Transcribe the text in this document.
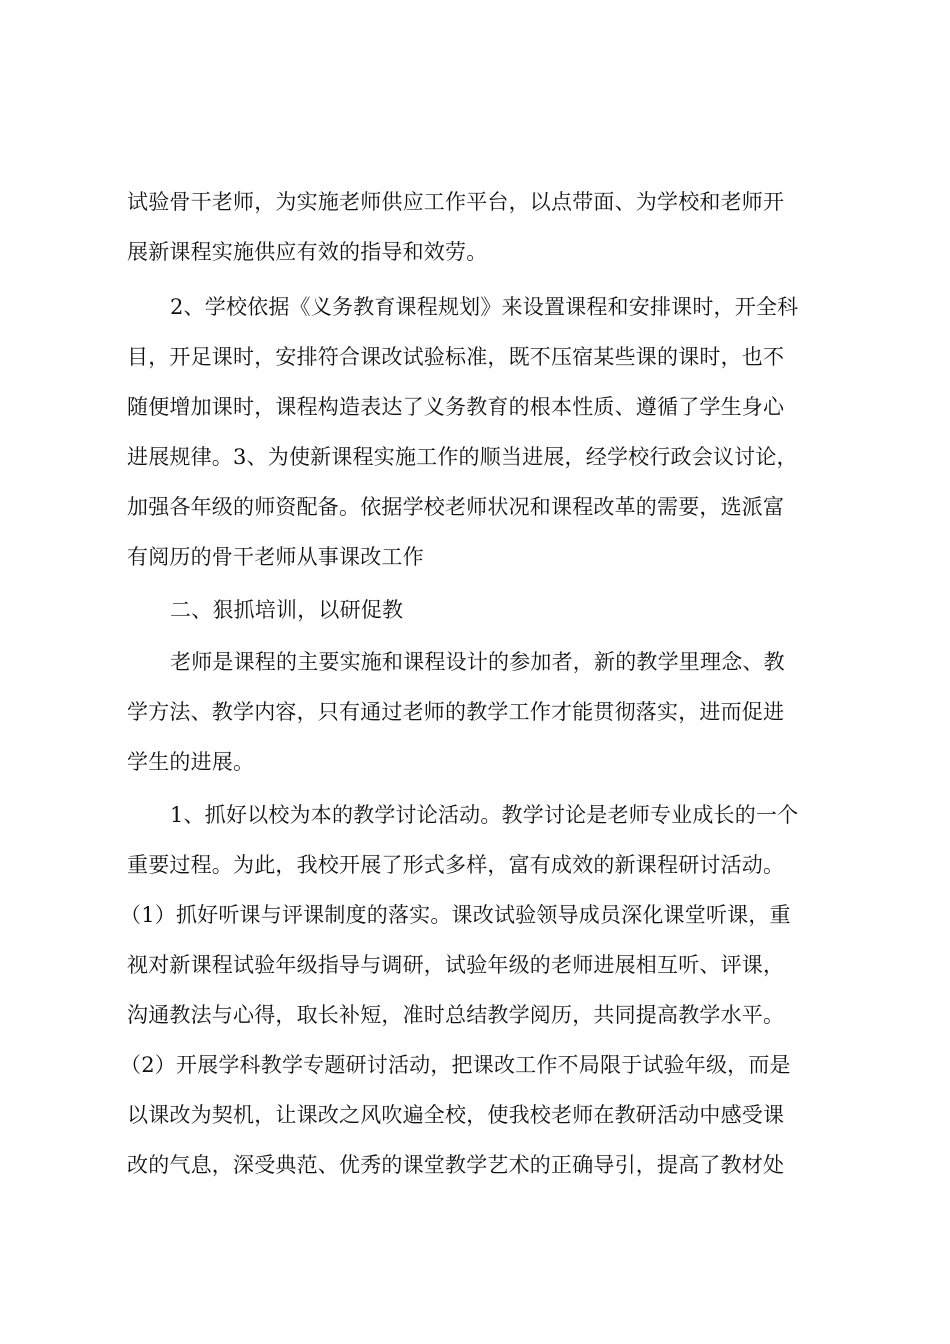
试验骨干老师，为实施老师供应工作平台，以点带面、为学校和老师开
展新课程实施供应有效的指导和效劳。
2、学校依据《义务教育课程规划》来设置课程和安排课时，开全科
目，开足课时，安排符合课改试验标准，既不压宿某些课的课时，也不
随便增加课时，课程构造表达了义务教育的根本性质、遵循了学生身心
进展规律。3、为使新课程实施工作的顺当进展，经学校行政会议讨论，
加强各年级的师资配备。依据学校老师状况和课程改革的需要，选派富
有阅历的骨干老师从事课改工作
二、狠抓培训，以研促教
老师是课程的主要实施和课程设计的参加者，新的教学里理念、教
学方法、教学内容，只有通过老师的教学工作才能贯彻落实，进而促进
学生的进展。
1、抓好以校为本的教学讨论活动。教学讨论是老师专业成长的一个
重要过程。为此，我校开展了形式多样，富有成效的新课程研讨活动。
（1）抓好听课与评课制度的落实。课改试验领导成员深化课堂听课，重
视对新课程试验年级指导与调研，试验年级的老师进展相互听、评课，
沟通教法与心得，取长补短，准时总结教学阅历，共同提高教学水平。
（2）开展学科教学专题研讨活动，把课改工作不局限于试验年级，而是
以课改为契机，让课改之风吹遍全校，使我校老师在教研活动中感受课
改的气息，深受典范、优秀的课堂教学艺术的正确导引，提高了教材处
